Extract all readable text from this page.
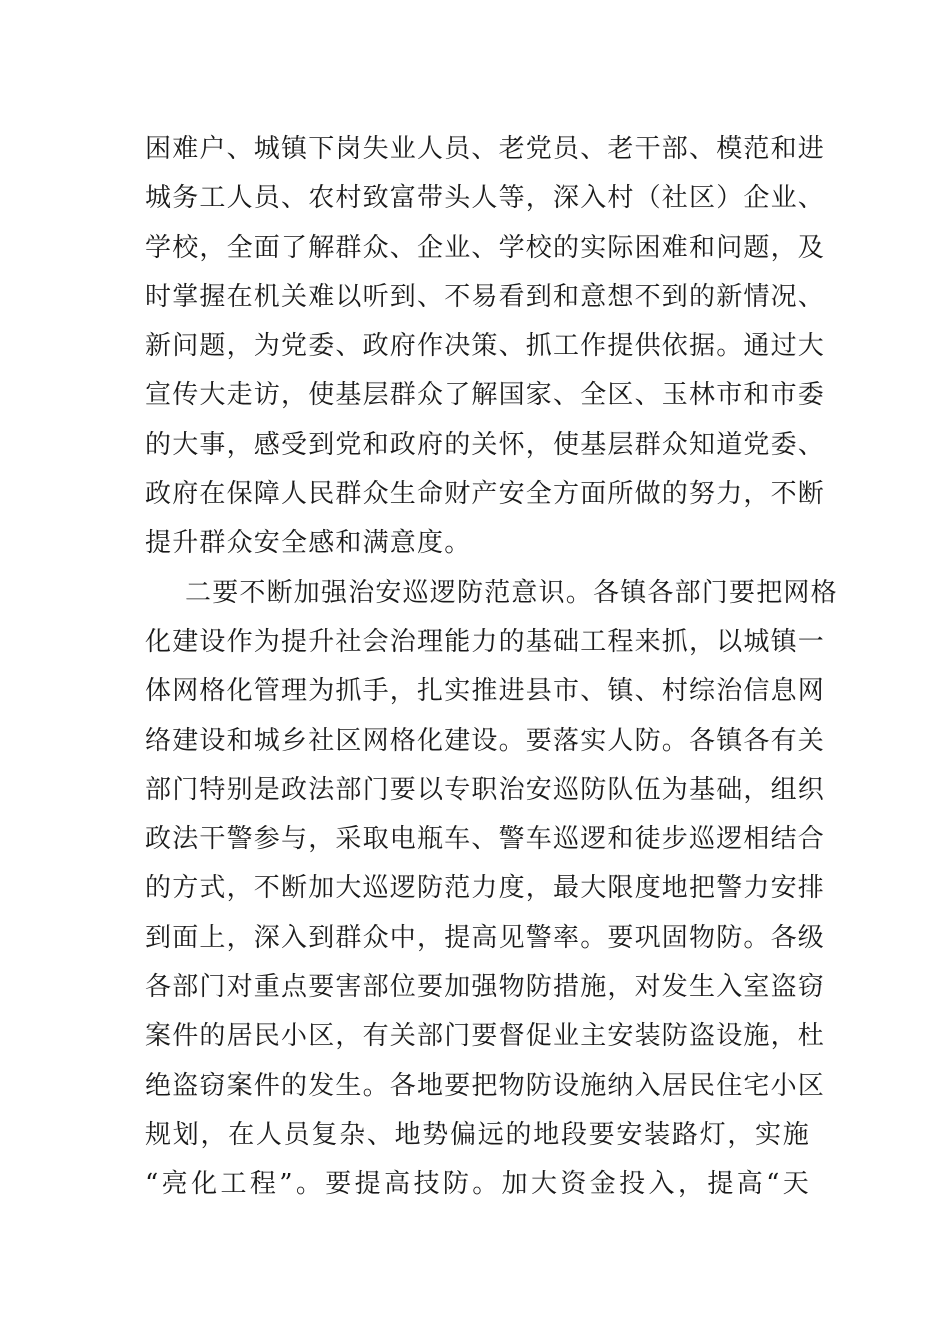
困难户、城镇下岗失业人员、老党员、老干部、模范和进
城务工人员、农村致富带头人等，深入村（社区）企业、
学校，全面了解群众、企业、学校的实际困难和问题，及
时掌握在机关难以听到、不易看到和意想不到的新情况、
新问题，为党委、政府作决策、抓工作提供依据。通过大
宣传大走访，使基层群众了解国家、全区、玉林市和市委
的大事，感受到党和政府的关怀，使基层群众知道党委、
政府在保障人民群众生命财产安全方面所做的努力，不断
提升群众安全感和满意度。
二要不断加强治安巡逻防范意识。各镇各部门要把网格
化建设作为提升社会治理能力的基础工程来抓，以城镇一
体网格化管理为抓手，扎实推进县市、镇、村综治信息网
络建设和城乡社区网格化建设。要落实人防。各镇各有关
部门特别是政法部门要以专职治安巡防队伍为基础，组织
政法干警参与，采取电瓶车、警车巡逻和徒步巡逻相结合
的方式，不断加大巡逻防范力度，最大限度地把警力安排
到面上，深入到群众中，提高见警率。要巩固物防。各级
各部门对重点要害部位要加强物防措施，对发生入室盗窃
案件的居民小区，有关部门要督促业主安装防盗设施，杜
绝盗窃案件的发生。各地要把物防设施纳入居民住宅小区
规划，在人员复杂、地势偏远的地段要安装路灯，实施
“亮化工程”。要提高技防。加大资金投入，提高“天
